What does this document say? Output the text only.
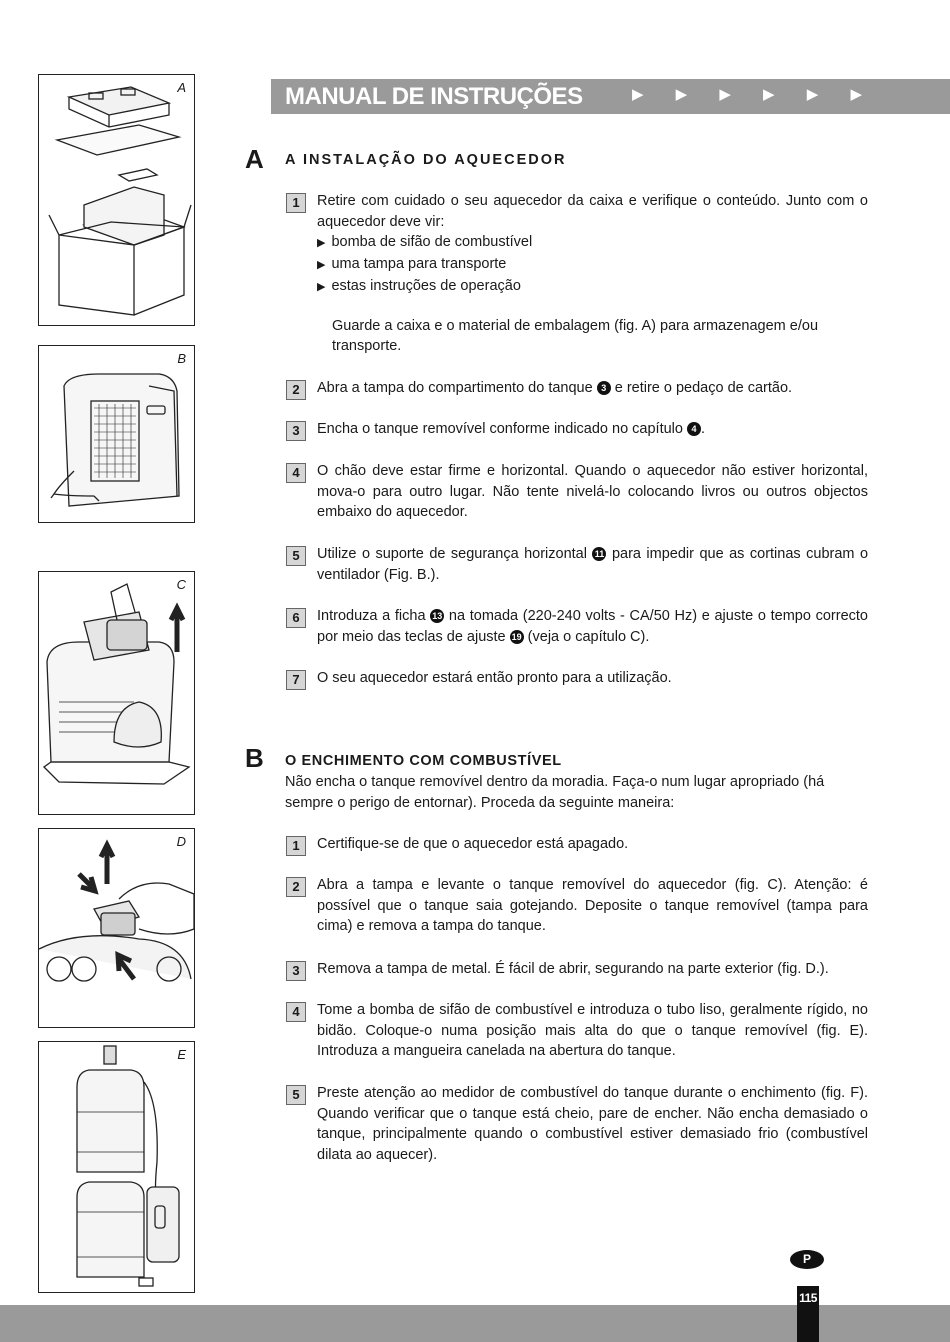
A
B
C
D
E
MANUAL DE INSTRUÇÕES	▶ ▶ ▶ ▶ ▶ ▶
A A INSTALAÇÃO DO AQUECEDOR
1	Retire com cuidado o seu aquecedor da caixa e verifique o conteúdo. Junto com o aquecedor deve vir:
▶ bomba de sifão de combustível
▶ uma tampa para transporte
▶ estas instruções de operação
Guarde a caixa e o material de embalagem (fig. A) para armazenagem e/ou transporte.
2	Abra a tampa do compartimento do tanque 3 e retire o pedaço de cartão.
3	Encha o tanque removível conforme indicado no capítulo 4 .
4	O chão deve estar firme e horizontal. Quando o aquecedor não estiver horizontal, mova-o para outro lugar. Não tente nivelá-lo colocando livros ou outros objectos embaixo do aquecedor.
5	Utilize o suporte de segurança horizontal 11 para impedir que as cortinas cubram o ventilador (Fig. B.).
6	Introduza a ficha 13 na tomada (220-240 volts - CA/50 Hz) e ajuste o tempo correcto por meio das teclas de ajuste 19 (veja o capítulo C).
7	O seu aquecedor estará então pronto para a utilização.
B O ENCHIMENTO COM COMBUSTÍVEL
Não encha o tanque removível dentro da moradia. Faça-o num lugar apropriado (há sempre o perigo de entornar). Proceda da seguinte maneira:
1	Certifique-se de que o aquecedor está apagado.
2	Abra a tampa e levante o tanque removível do aquecedor (fig. C). Atenção: é possível que o tanque saia gotejando. Deposite o tanque removível (tampa para cima) e remova a tampa do tanque.
3	Remova a tampa de metal. É fácil de abrir, segurando na parte exterior (fig. D.).
4	Tome a bomba de sifão de combustível e introduza o tubo liso, geralmente rígido, no bidão. Coloque-o numa posição mais alta do que o tanque removível (fig. E). Introduza a mangueira canelada na abertura do tanque.
5	Preste atenção ao medidor de combustível do tanque durante o enchimento (fig. F). Quando verificar que o tanque está cheio, pare de encher. Não encha demasiado o tanque, principalmente quando o combustível estiver demasiado frio (combustível dilata ao aquecer).
P
115
